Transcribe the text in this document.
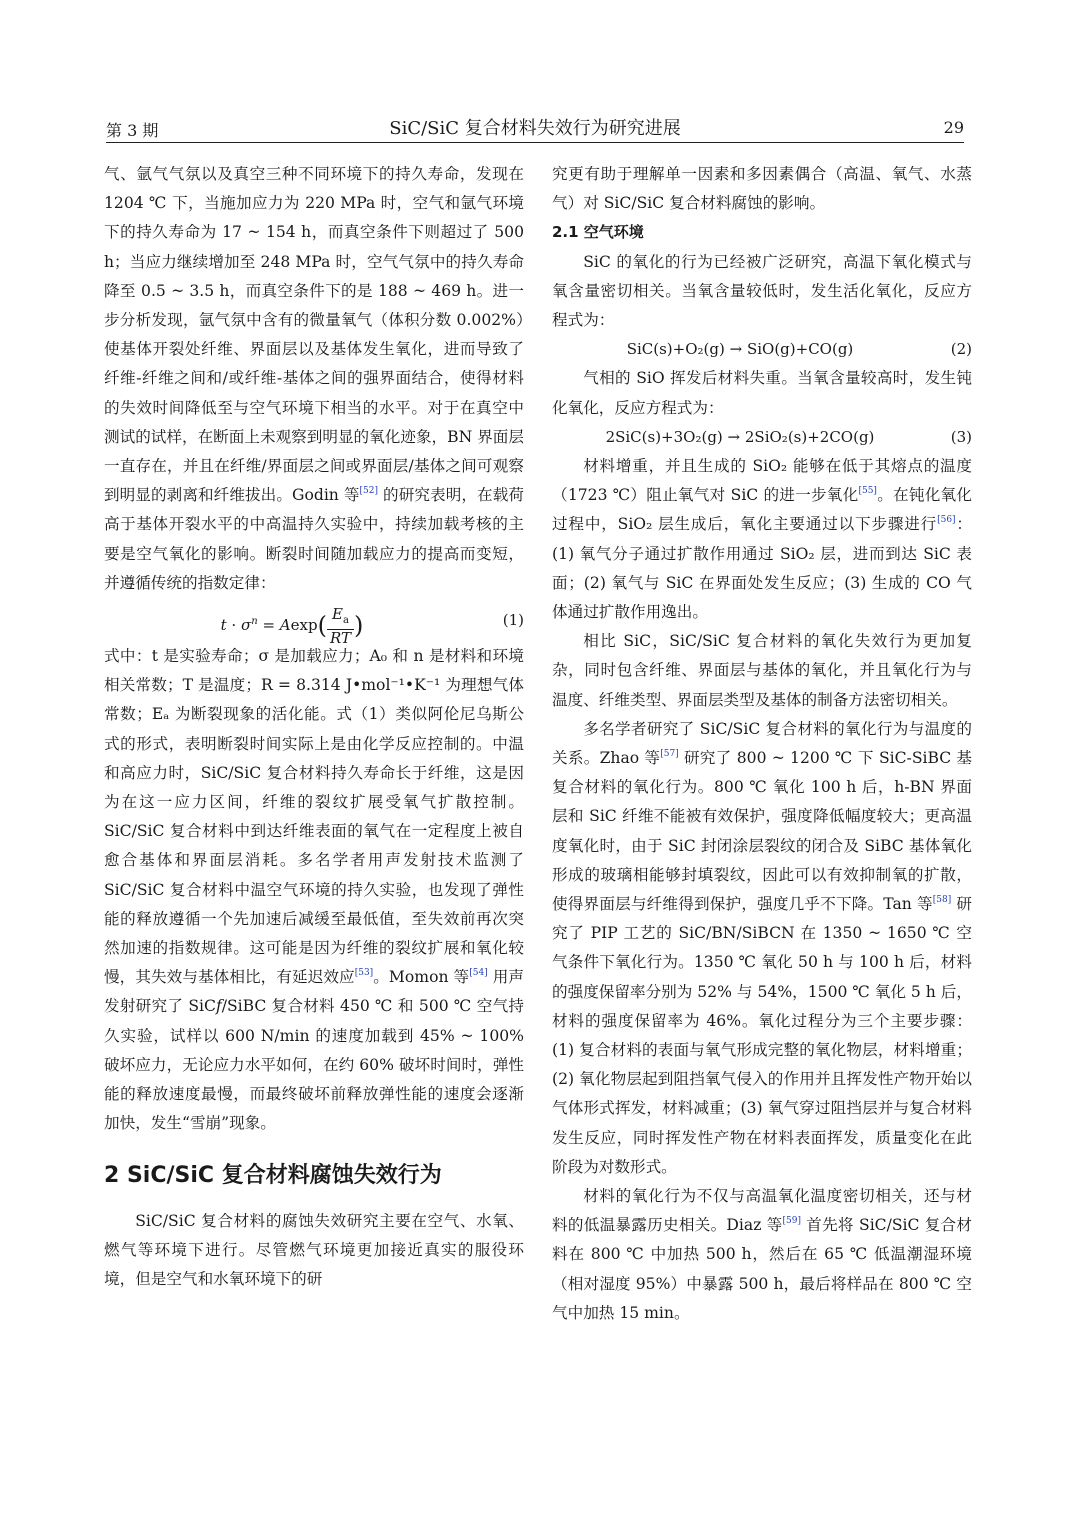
第 3 期	SiC/SiC 复合材料失效行为研究进展	29

气、氩气气氛以及真空三种不同环境下的持久寿命，发现在 1204 ℃ 下，当施加应力为 220 MPa 时，空气和氩气环境下的持久寿命为 17 ~ 154 h，而真空条件下则超过了 500 h；当应力继续增加至 248 MPa 时，空气气氛中的持久寿命降至 0.5 ~ 3.5 h，而真空条件下的是 188 ~ 469 h。进一步分析发现，氩气氛中含有的微量氧气（体积分数 0.002%）使基体开裂处纤维、界面层以及基体发生氧化，进而导致了纤维-纤维之间和/或纤维-基体之间的强界面结合，使得材料的失效时间降低至与空气环境下相当的水平。对于在真空中测试的试样，在断面上未观察到明显的氧化迹象，BN 界面层一直存在，并且在纤维/界面层之间或界面层/基体之间可观察到明显的剥离和纤维拔出。Godin 等[52] 的研究表明，在载荷高于基体开裂水平的中高温持久实验中，持续加载考核的主要是空气氧化的影响。断裂时间随加载应力的提高而变短，并遵循传统的指数定律：

$t \cdot \sigma^n = Aexp( \frac{E_a}{RT}$ )	(1)

式中：t 是实验寿命；σ 是加载应力；A₀ 和 n 是材料和环境相关常数；T 是温度；R = 8.314 J•mol⁻¹•K⁻¹ 为理想气体常数；Eₐ 为断裂现象的活化能。式（1）类似阿伦尼乌斯公式的形式，表明断裂时间实际上是由化学反应控制的。中温和高应力时，SiC/SiC 复合材料持久寿命长于纤维，这是因为在这一应力区间，纤维的裂纹扩展受氧气扩散控制。SiC/SiC 复合材料中到达纤维表面的氧气在一定程度上被自愈合基体和界面层消耗。多名学者用声发射技术监测了 SiC/SiC 复合材料中温空气环境的持久实验，也发现了弹性能的释放遵循一个先加速后减缓至最低值，至失效前再次突然加速的指数规律。这可能是因为纤维的裂纹扩展和氧化较慢，其失效与基体相比，有延迟效应[53]。Momon 等[54] 用声发射研究了 SiC𝑓/SiBC 复合材料 450 ℃ 和 500 ℃ 空气持久实验，试样以 600 N/min 的速度加载到 45% ~ 100% 破坏应力，无论应力水平如何，在约 60% 破坏时间时，弹性能的释放速度最慢，而最终破坏前释放弹性能的速度会逐渐加快，发生“雪崩”现象。

2 SiC/SiC 复合材料腐蚀失效行为

SiC/SiC 复合材料的腐蚀失效研究主要在空气、水氧、燃气等环境下进行。尽管燃气环境更加接近真实的服役环境，但是空气和水氧环境下的研

究更有助于理解单一因素和多因素偶合（高温、氧气、水蒸气）对 SiC/SiC 复合材料腐蚀的影响。

2.1 空气环境

SiC 的氧化的行为已经被广泛研究，高温下氧化模式与氧含量密切相关。当氧含量较低时，发生活化氧化，反应方程式为：

SiC(s)+O₂(g) → SiO(g)+CO(g)	(2)

气相的 SiO 挥发后材料失重。当氧含量较高时，发生钝化氧化，反应方程式为：

2SiC(s)+3O₂(g) → 2SiO₂(s)+2CO(g)	(3)

材料增重，并且生成的 SiO₂ 能够在低于其熔点的温度（1723 ℃）阻止氧气对 SiC 的进一步氧化[55]。在钝化氧化过程中，SiO₂ 层生成后，氧化主要通过以下步骤进行[56]：(1) 氧气分子通过扩散作用通过 SiO₂ 层，进而到达 SiC 表面；(2) 氧气与 SiC 在界面处发生反应；(3) 生成的 CO 气体通过扩散作用逸出。

相比 SiC，SiC/SiC 复合材料的氧化失效行为更加复杂，同时包含纤维、界面层与基体的氧化，并且氧化行为与温度、纤维类型、界面层类型及基体的制备方法密切相关。

多名学者研究了 SiC/SiC 复合材料的氧化行为与温度的关系。Zhao 等[57] 研究了 800 ~ 1200 ℃ 下 SiC-SiBC 基复合材料的氧化行为。800 ℃ 氧化 100 h 后，h-BN 界面层和 SiC 纤维不能被有效保护，强度降低幅度较大；更高温度氧化时，由于 SiC 封闭涂层裂纹的闭合及 SiBC 基体氧化形成的玻璃相能够封填裂纹，因此可以有效抑制氧的扩散，使得界面层与纤维得到保护，强度几乎不下降。Tan 等[58] 研究了 PIP 工艺的 SiC/BN/SiBCN 在 1350 ~ 1650 ℃ 空气条件下氧化行为。1350 ℃ 氧化 50 h 与 100 h 后，材料的强度保留率分别为 52% 与 54%，1500 ℃ 氧化 5 h 后，材料的强度保留率为 46%。氧化过程分为三个主要步骤：(1) 复合材料的表面与氧气形成完整的氧化物层，材料增重；(2) 氧化物层起到阻挡氧气侵入的作用并且挥发性产物开始以气体形式挥发，材料减重；(3) 氧气穿过阻挡层并与复合材料发生反应，同时挥发性产物在材料表面挥发，质量变化在此阶段为对数形式。

材料的氧化行为不仅与高温氧化温度密切相关，还与材料的低温暴露历史相关。Diaz 等[59] 首先将 SiC/SiC 复合材料在 800 ℃ 中加热 500 h，然后在 65 ℃ 低温潮湿环境（相对湿度 95%）中暴露 500 h，最后将样品在 800 ℃ 空气中加热 15 min。
